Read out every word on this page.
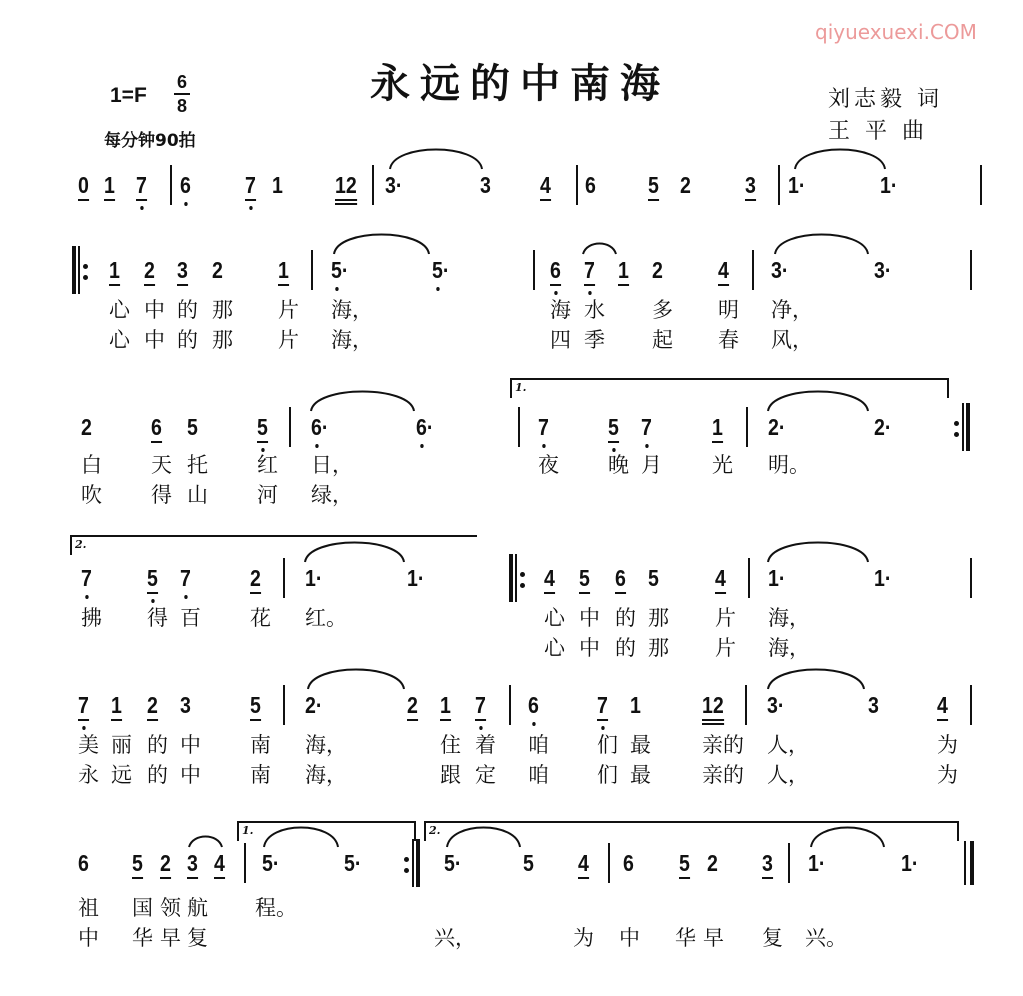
qiyuexuexi.COM
永远的中南海
1=F
6
8
每分钟90拍
刘志毅 词
王 平 曲
0 1 7 6 7 1 12 3·	3 4 6 5 2 3 1·	1·
1 2 3 2 1 5·	5·	6 7 1 2 4 3·	3·
心 中 的 那 片 海，	海 水 多 明 净，
心 中 的 那 片 海，	四 季 起 春 风，
2	6 5	5 6·	6·	7	5 7	1 2·	2·
白 天 托 红 日，	夜 晚 月 光 明。
吹 得 山 河 绿，
1.
7 5 7	2 1·	1·	4 5 6 5 4 1·	1·
拂 得 百 花 红。	心 中 的 那 片 海，
心 中 的 那 片 海，
2.
7 1 2 3	5 2·	2 1 7 6	7 1	12 3·	3	4
美 丽 的 中 南 海，	住 着 咱 们 最 亲的 人，	为
永 远 的 中 南 海，	跟 定 咱 们 最 亲的 人，	为
6 5 2 3 4 5·	5·	5·	5 4 6 5 2 3 1·	1·
祖 国 领 航 程。
中 华 早 复	兴，	为 中 华 早 复 兴。
1.	2.
